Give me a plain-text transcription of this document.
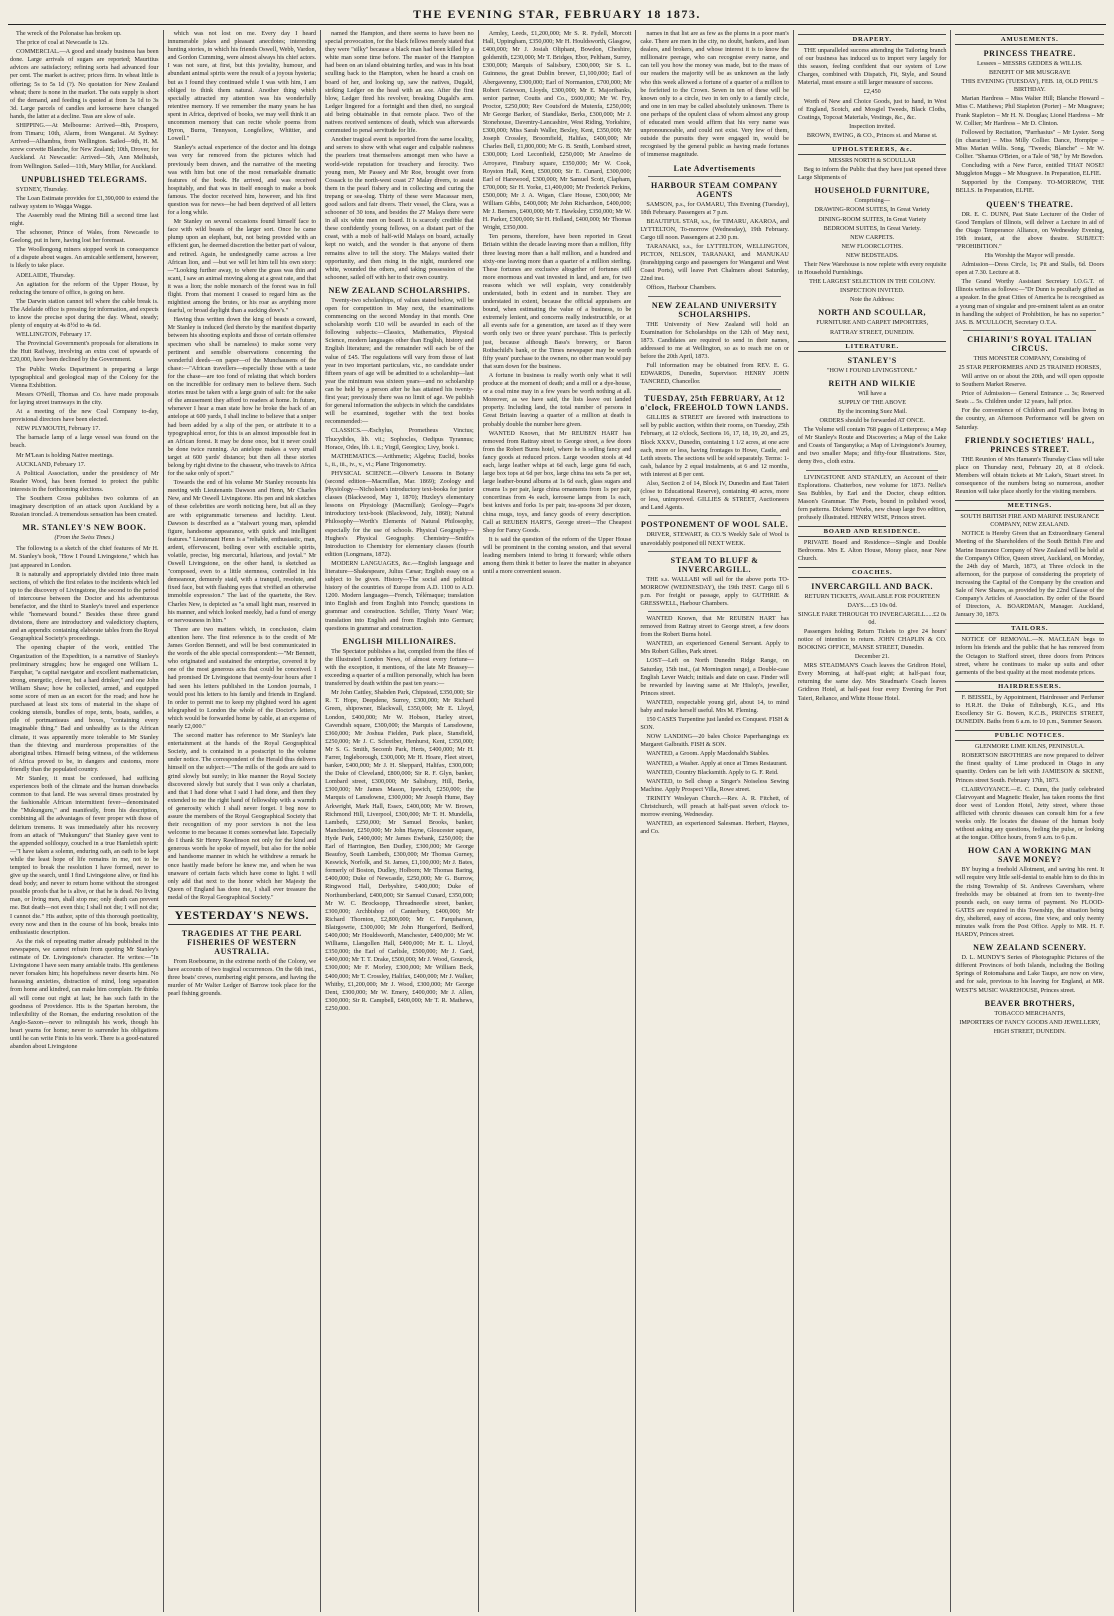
THE EVENING STAR, FEBRUARY 18 1873.

The wreck of the Polonaise has broken up.

The price of coal at Newcastle is 12s.

COMMERCIAL.—A good and steady business has been done. Large arrivals of sugars are reported; Mauritius advices are satisfactory; refining sorts had advanced four per cent. The market is active; prices firm. In wheat little is offering; 5s to 5s 1d (?). No quotation for New Zealand wheat; there is none in the market. The oats supply is short of the demand, and feeding is quoted at from 3s 1d to 3s 3d. Large parcels of candles and kerosene have changed hands, the latter at a decline. Teas are slow of sale.

SHIPPING.—At Melbourne: Arrived—8th, Prospero, from Timaru; 10th, Alarm, from Wanganui. At Sydney: Arrived—Alhambra, from Wellington. Sailed—9th, H. M. screw corvette Blanche, for New Zealand; 10th, Drover, for Auckland. At Newcastle: Arrived—5th, Ann Melhuish, from Wellington. Sailed—11th, Mary Millar, for Auckland.

UNPUBLISHED TELEGRAMS.

SYDNEY, Thursday.

The Loan Estimate provides for £1,390,000 to extend the railway system to Wagga Wagga.

The Assembly read the Mining Bill a second time last night.

The schooner, Prince of Wales, from Newcastle to Geelong, put in here, having lost her foremast.

The Woollongong miners stopped work in consequence of a dispute about wages. An amicable settlement, however, is likely to take place.

ADELAIDE, Thursday.

An agitation for the reform of the Upper House, by reducing the tenure of office, is going on here.

The Darwin station cannot tell where the cable break is. The Adelaide office is pressing for information, and expects to know the precise spot during the day. Wheat, steady; plenty of enquiry at 4s 8½d to 4s 6d.

WELLINGTON, February 17.

The Provincial Government's proposals for alterations in the Hutt Railway, involving an extra cost of upwards of £20,000, have been declined by the Government.

The Public Works Department is preparing a large typographical and geological map of the Colony for the Vienna Exhibition.

Messrs O'Neill, Thomas and Co. have made proposals for laying street tramways in the city.

At a meeting of the new Coal Company to-day, provisional directors have been elected.

NEW PLYMOUTH, February 17.

The barnacle lamp of a large vessel was found on the beach.

Mr M'Lean is holding Native meetings.

AUCKLAND, February 17.

A Political Association, under the presidency of Mr Reader Wood, has been formed to protect the public interests in the forthcoming elections.

The Southern Cross publishes two columns of an imaginary description of an attack upon Auckland by a Russian ironclad. A tremendous sensation has been created.

MR. STANLEY'S NEW BOOK.
(From the Swiss Times.)

The following is a sketch of the chief features of Mr H. M. Stanley's book, "How I Found Livingstone," which has just appeared in London.

It is naturally and appropriately divided into three main sections, of which the first relates to the incidents which led up to the discovery of Livingstone, the second to the period of intercourse between the Doctor and his adventurous benefactor, and the third to Stanley's travel and experience while "homeward bound." Besides these three grand divisions, there are introductory and valedictory chapters, and an appendix containing elaborate tables from the Royal Geographical Society's proceedings.

The opening chapter of the work, entitled The Organization of the Expedition, is a narrative of Stanley's preliminary struggles; how he engaged one William L. Farquhar, "a capital navigator and excellent mathematician, strong, energetic, clever, but a hard drinker," and one John William Shaw; how he collected, armed, and equipped some score of men as an escort for the road; and how he purchased at least six tons of material in the shape of cooking utensils, bundles of rope, tents, boats, saddles, a pile of portmanteaus and boxes, "containing every imaginable thing." Bad and unhealthy as is the African climate, it was apparently more tolerable to Mr Stanley than the thieving and murderous propensities of the aboriginal tribes. Himself being witness, of the wilderness of Africa proved to be, in dangers and customs, more friendly than the populated country.

Mr Stanley, it must be confessed, had sufficing experiences both of the climate and the human drawbacks common to that land. He was several times prostrated by the fashionable African intermittent fever—denominated the "Mukunguru," and manifestly, from his description, combining all the advantages of fever proper with those of delirium tremens. It was immediately after his recovery from an attack of "Mukunguru" that Stanley gave vent to the appended soliloquy, couched in a true Hamletish spirit:—"I have taken a solemn, enduring oath, an oath to be kept while the least hope of life remains in me, not to be tempted to break the resolution I have formed, never to give up the search, until I find Livingstone alive, or find his dead body; and never to return home without the strongest possible proofs that he is alive, or that he is dead. No living man, or living men, shall stop me; only death can prevent me. But death—not even this; I shall not die; I will not die; I cannot die." His author, spite of this thorough poeticality, every now and then in the course of his book, breaks into enthusiastic description.

As the risk of repeating matter already published in the newspapers, we cannot refrain from quoting Mr Stanley's estimate of Dr. Livingstone's character. He writes:—"In Livingstone I have seen many amiable traits. His gentleness never forsakes him; his hopefulness never deserts him. No harassing anxieties, distraction of mind, long separation from home and kindred, can make him complain. He thinks all will come out right at last; he has such faith in the goodness of Providence. His is the Spartan heroism, the inflexibility of the Roman, the enduring resolution of the Anglo-Saxon—never to relinquish his work, though his heart yearns for home; never to surrender his obligations until he can write Finis to his work. There is a good-natured abandon about Livingstone

which was not lost on me. Every day I heard innumerable jokes and pleasant anecdotes; interesting hunting stories, in which his friends Oswell, Webb, Vardon, and Gordon Cumming, were almost always his chief actors. I was not sure, at first, but this joviality, humour, and abundant animal spirits were the result of a joyous hysteria; but as I found they continued while I was with him, I am obliged to think them natural. Another thing which specially attracted my attention was his wonderfully retentive memory. If we remember the many years he has spent in Africa, deprived of books, we may well think it an uncommon memory that can recite whole poems from Byron, Burns, Tennyson, Longfellow, Whittier, and Lowell."

Stanley's actual experience of the doctor and his doings was very far removed from the pictures which had previously been drawn, and the narrative of the meeting was with him but one of the most remarkable dramatic features of the book. He arrived, and was received hospitably, and that was in itself enough to make a book famous. The doctor received him, however, and his first question was for news—he had been deprived of all letters for a long while.

Mr Stanley on several occasions found himself face to face with wild beasts of the larger sort. Once he came plump upon an elephant, but, not being provided with an efficient gun, he deemed discretion the better part of valour, and retired. Again, he undesignedly came across a live African lion, and —but we will let him tell his own story:—"Looking further away, to where the grass was thin and scant, I saw an animal moving along at a great rate, and that it was a lion; the noble monarch of the forest was in full flight. From that moment I ceased to regard him as the mightiest among the brutes, or his roar as anything more fearful, or broad daylight than a sucking dove's."

Having thus written down the king of beasts a coward, Mr Stanley is induced (led thereto by the manifest disparity between his shooting exploits and those of certain offensive specimen who shall be nameless) to make some very pertinent and sensible observations concerning the wonderful deeds—on paper—of the Munchausens of the chase:—"African travellers—especially those with a taste for the chase—are too fond of relating that which borders on the incredible for ordinary men to believe them. Such stories must be taken with a large grain of salt: for the sake of the amusement they afford to readers at home. In future, whenever I hear a man state how he broke the back of an antelope at 600 yards, I shall incline to believe that a sniper had been added by a slip of the pen, or attribute it to a typographical error, for this is an almost impossible feat in an African forest. It may be done once, but it never could be done twice running. An antelope makes a very small target at 600 yards' distance; but then all these stories belong by right divine to the chasseur, who travels to Africa for the sake only of sport."

Towards the end of his volume Mr Stanley recounts his meeting with Lieutenants Dawson and Henn, Mr Charles New, and Mr Oswell Livingstone. His pen and ink sketches of these celebrities are worth noticing here, but all as they are with epigrammatic terseness and lucidity. Lieut. Dawson is described as a "stalwart young man, splendid figure, handsome appearance, with quick and intelligent features." Lieutenant Henn is a "reliable, enthusiastic, man, ardent, effervescent, boiling over with excitable spirits, volatile, precise, big mercurial, hilarious, and jovial." Mr Oswell Livingstone, on the other hand, is sketched as "composed, even to a little sternness, controlled in his demeanour, demurely staid, with a tranquil, resolute, and fixed face, but with flashing eyes that vivified an otherwise immobile expression." The last of the quartette, the Rev. Charles New, is depicted as "a small light man, reserved in his manner, and which looked meekly, had a fund of energy or nervousness in him."

There are two matters which, in conclusion, claim attention here. The first reference is to the credit of Mr James Gordon Bennett, and will be best communicated in the words of the able special correspondent:—"Mr Bennett, who originated and sustained the enterprise, covered it by one of the most generous acts that could be conceived. I had promised Dr Livingstone that twenty-four hours after I had seen his letters published in the London journals, I would post his letters to his family and friends in England. In order to permit me to keep my plighted word his agent telegraphed to London the whole of the Doctor's letters, which would be forwarded home by cable, at an expense of nearly £2,000."

The second matter has reference to Mr Stanley's late entertainment at the hands of the Royal Geographical Society, and is contained in a postscript to the volume under notice. The correspondent of the Herald thus delivers himself on the subject:—"The mills of the gods are said to grind slowly but surely; in like manner the Royal Society discovered slowly but surely that I was only a charlatan, and that I had done what I said I had done, and then they extended to me the right hand of fellowship with a warmth of generosity which I shall never forget. I beg now to assure the members of the Royal Geographical Society that their recognition of my poor services is not the less welcome to me because it comes somewhat late. Especially do I thank Sir Henry Rawlinson not only for the kind and generous words he spoke of myself, but also for the noble and handsome manner in which he withdrew a remark he once hastily made before he knew me, and when he was unaware of certain facts which have come to light. I will only add that next to the honor which her Majesty the Queen of England has done me, I shall ever treasure the medal of the Royal Geographical Society."

YESTERDAY'S NEWS.
TRAGEDIES AT THE PEARL FISHERIES OF WESTERN AUSTRALIA.

From Roebourne, in the extreme north of the Colony, we have accounts of two tragical occurrences. On the 6th inst., three boats' crews, numbering eight persons, and having the murder of Mr Walter Ledger of Barrow took place for the pearl fishing grounds.

named the Hampton, and there seems to have been no special provocation, for the black fellows merely stated that they were "silky" because a black man had been killed by a white man some time before. The master of the Hampton had been on an island obtaining turtles, and was in his boat sculling back to the Hampton, when he heard a crash on board of her, and looking up, saw the natives, Dugald, striking Ledger on the head with an axe. After the first blow, Ledger fired his revolver, breaking Dugald's arm. Ledger lingered for a fortnight and then died, no surgical aid being obtainable in that remote place. Two of the natives received sentences of death, which was afterwards commuted to penal servitude for life.

Another tragical event is reported from the same locality, and serves to show with what eager and culpable rashness the pearlers treat themselves amongst men who have a world-wide reputation for treachery and ferocity. Two young men, Mr Passey and Mr Roe, brought over from Cossack to the north-west coast 27 Malay divers, to assist them in the pearl fishery and in collecting and curing the trepang or sea-slug. Thirty of these were Macassar men, good sailors and fair divers. Their vessel, the Clara, was a schooner of 30 tons, and besides the 27 Malays there were in all six white men on board. It is scarcely credible that these confidently young fellows, on a distant part of the coast, with a mob of half-wild Malays on board, actually kept no watch, and the wonder is that anyone of them remains alive to tell the story. The Malays waited their opportunity, and then rising in the night, murdered one white, wounded the others, and taking possession of the schooner, sailed off with her to their own country.

NEW ZEALAND SCHOLARSHIPS.

Twenty-two scholarships, of values stated below, will be open for competition in May next, the examinations commencing on the second Monday in that month. One scholarship worth £10 will be awarded in each of the following subjects:—Classics, Mathematics, Physical Science, modern languages other than English, history and English literature; and the remainder will each be of the value of £45. The regulations will vary from those of last year in two important particulars, viz., no candidate under fifteen years of age will be admitted to a scholarship—last year the minimum was sixteen years—and no scholarship can be held by a person after he has attained his twenty-first year; previously there was no limit of age. We publish for general information the subjects in which the candidates will be examined, together with the text books recommended:—

CLASSICS.—Æschylus, Prometheus Vinctus; Thucydides, lib. vii.; Sophocles, Oedipus Tyrannus; Horace, Odes, lib. i. ii.; Virgil, Georgics; Livy, book i.

MATHEMATICS.—Arithmetic; Algebra; Euclid, books i., ii., iii., iv., v., vi.; Plane Trigonometry.

PHYSICAL SCIENCE.—Oliver's Lessons in Botany (second edition—Macmillan, Mar. 1869); Zoology and Physiology—Nicholson's introductory text-books for junior classes (Blackwood, May 1, 1870); Huxley's elementary lessons on Physiology (Macmillan); Geology—Page's introductory text-book (Blackwood, July, 1868); Natural Philosophy—Worth's Elements of Natural Philosophy, especially for the use of schools. Physical Geography—Hughes's Physical Geography. Chemistry—Smith's Introduction to Chemistry for elementary classes (fourth edition (Longmans, 1872).

MODERN LANGUAGES, &c.—English language and literature—Shakespeare, Julius Cæsar; English essay on a subject to be given. History—The social and political history of the countries of Europe from A.D. 1100 to A.D. 1200. Modern languages—French, Télémaque; translation into English and from English into French; questions in grammar and construction. Schiller, Thirty Years' War; translation into English and from English into German; questions in grammar and construction.

ENGLISH MILLIONAIRES.

The Spectator publishes a list, compiled from the files of the Illustrated London News, of almost every fortune—with the exception, it mentions, of the late Mr Brassey—exceeding a quarter of a million personally, which has been transferred by death within the past ten years:—

Mr John Cattley, Shabden Park, Chipstead, £350,000; Sir R. T. Hope, Deepdene, Surrey, £300,000; Mr Richard Green, shipowner, Blackwall, £350,000; Mr E. Lloyd, London, £400,000; Mr W. Hobson, Harley street, Cavendish square, £300,000; the Marquis of Lansdowne, £360,000; Mr Joshua Fielden, Park place, Stansfield, £250,000; Mr J. C. Schreiber, Henhurst, Kent, £350,000; Mr S. G. Smith, Secomb Park, Herts, £400,000; Mr H. Farrer, Ingleborough, £300,000; Mr H. Hoare, Fleet street, banker, £400,000; Mr J. H. Sheppard, Halifax, £300,000; the Duke of Cleveland, £800,000; Sir R. F. Glyn, banker, Lombard street, £300,000; Mr Salisbury, Hill, Berks, £300,000; Mr James Mason, Ipswich, £250,000; the Marquis of Lansdowne, £300,000; Mr Joseph Hume, Bay Arkwright, Mark Hall, Essex, £400,000; Mr W. Brown, Richmond Hill, Liverpool, £300,000; Mr T. H. Mundella, Lambeth, £250,000; Mr Samuel Brooks, banker, Manchester, £250,000; Mr John Hayne, Gloucester square, Hyde Park, £400,000; Mr James Ewbank, £250,000; the Earl of Harrington, Ben Dudley, £300,000; Mr George Beaufoy, South Lambeth, £300,000; Mr Thomas Gurney, Keswick, Norfolk, and St. James, £1,100,000; Mr J. Bates, formerly of Boston, Dudley, Holborn; Mr Thomas Baring, £400,000; Duke of Newcastle, £250,000; Mr G. Burrow, Ringwood Hall, Derbyshire, £400,000; Duke of Northumberland, £400,000; Sir Samuel Cunard, £350,000; Mr W. C. Brocksopp, Threadneedle street, banker, £300,000; Archbishop of Canterbury, £400,000; Mr Richard Thornton, £2,800,000; Mr C. Farquharson, Blairgowrie, £300,000; Mr John Hungerford, Bedford, £400,000; Mr Houldsworth, Manchester, £400,000; Mr W. Williams, Llangollen Hall, £400,000; Mr E. L. Lloyd, £350,000; the Earl of Carlisle, £500,000; Mr J. Gard, £400,000; Mr T. T. Drake, £500,000; Mr J. Wood, Gourock, £300,000; Mr F. Morley, £300,000; Mr William Beck, £400,000; Mr T. Crossley, Halifax, £400,000; Mr J. Walker, Whitby, £1,200,000; Mr J. Wood, £300,000; Mr George Dent, £300,000; Mr W. Emery, £400,000; Mr J. Allen, £300,000; Sir R. Campbell, £400,000; Mr T. R. Mathews, £250,000.

Armley, Leeds, £1,200,000; Mr S. R. Fydell, Morcott Hall, Uppingham, £350,000; Mr H. Houldsworth, Glasgow, £400,000; Mr J. Josiah Oliphant, Bowdon, Cheshire, goldsmith, £230,000; Mr T. Bridges, Ebor, Peltham, Surrey, £300,000; Marquis of Salisbury, £300,000; Sir S. L. Guinness, the great Dublin brewer, £1,100,000; Earl of Abergavenny, £300,000; Earl of Normanton, £700,000; Mr Robert Grievson, Lloyds, £300,000; Mr E. Majoribanks, senior partner, Coutts and Co., £600,000; Mr W. Fry, Proctor, £250,000; Rev Coutsford de Mutenfa, £250,000; Mr George Barker, of Standlake, Berks, £300,000; Mr J. Stonehouse, Daventry-Lancashire, West Riding, Yorkshire, £300,000; Miss Sarah Waller, Bexley, Kent, £350,000; Mr Joseph Crossley, Broomfield, Halifax, £400,000; Mr Charles Bell, £1,800,000; Mr G. B. Smith, Lombard street, £300,000; Lord Leconfield, £250,000; Mr Anselmo de Arroyave, Finsbury square, £350,000; Mr W. Cook, Royston Hall, Kent, £500,000; Sir E. Cunard, £300,000; Earl of Harewood, £300,000; Mr Samuel Scott, Clapham, £700,000; Sir H. Yorke, £1,400,000; Mr Frederick Perkins, £500,000; Mr J. A. Wigan, Clare House, £300,000; Mr William Gibbs, £400,000; Mr John Richardson, £400,000; Mr J. Berners, £400,000; Mr T. Hawksley, £350,000; Mr W. H. Parker, £300,000; Sir H. Holland, £400,000; Mr Thomas Wright, £350,000.

Ten persons, therefore, have been reported in Great Britain within the decade leaving more than a million, fifty three leaving more than a half million, and a hundred and sixty-one leaving more than a quarter of a million sterling. These fortunes are exclusive altogether of fortunes still more enormous and vast invested in land, and are, for two reasons which we will explain, very considerably understated, both in extent and in number. They are understated in extent, because the official appraisers are bound, when estimating the value of a business, to be extremely lenient, and concerns really indestructible, or at all events safe for a generation, are taxed as if they were worth only two or three years' purchase. This is perfectly just, because although Bass's brewery, or Baron Rothschild's bank, or the Times newspaper may be worth fifty years' purchase to the owners, no other man would pay that sum down for the business.

A fortune in business is really worth only what it will produce at the moment of death; and a mill or a dye-house, or a coal mine may in a few years be worth nothing at all. Moreover, as we have said, the lists leave out landed property. Including land, the total number of persons in Great Britain leaving a quarter of a million at death is probably double the number here given.

WANTED Known, that Mr REUBEN HART has removed from Rattray street to George street, a few doors from the Robert Burns hotel, where he is selling fancy and fancy goods at reduced prices. Large wooden stools at 4d each, large leather whips at 6d each, large guns 6d each, large box tops at 6d per box, large china tea sets 5s per set, large leather-bound albums at 1s 6d each, glass sugars and creams 1s per pair, large china ornaments from 1s per pair, concertinas from 4s each, kerosene lamps from 1s each, best knives and forks 1s per pair, tea-spoons 3d per dozen, china mugs, toys, and fancy goods of every description. Call at REUBEN HART'S, George street—The Cheapest Shop for Fancy Goods.

It is said the question of the reform of the Upper House will be prominent in the coming session, and that several leading members intend to bring it forward; while others among them think it better to leave the matter in abeyance until a more convenient season.

names in that list are as few as the plums in a poor man's cake. There are men in the city, no doubt, bankers, and loan dealers, and brokers, and whose interest it is to know the millionaire peerage, who can recognise every name, and can tell you how the money was made, but to the mass of our readers the majority will be as unknown as the lady who this week allowed a fortune of a quarter of a million to be forfeited to the Crown. Seven in ten of these will be known only to a circle, two in ten only to a family circle, and one in ten may be called absolutely unknown. There is one perhaps of the opulent class of whom almost any group of educated men would affirm that his very name was unpronounceable, and could not exist. Very few of them, outside the pursuits they were engaged in, would be recognised by the general public as having made fortunes of immense magnitude.

Late Advertisements
HARBOUR STEAM COMPANY AGENTS

SAMSON, p.s., for OAMARU, This Evening (Tuesday), 18th February. Passengers at 7 p.m.

BEAUTIFUL STAR, s.s., for TIMARU, AKAROA, and LYTTELTON, To-morrow (Wednesday), 19th February. Cargo till noon. Passengers at 2.30 p.m.

TARANAKI, s.s., for LYTTELTON, WELLINGTON, PICTON, NELSON, TARANAKI, and MANUKAU (transhipping cargo and passengers for Wanganui and West Coast Ports), will leave Port Chalmers about Saturday, 22nd inst.

Offices, Harbour Chambers.

NEW ZEALAND UNIVERSITY SCHOLARSHIPS.

THE University of New Zealand will hold an Examination for Scholarships on the 12th of May next, 1873. Candidates are required to send in their names, addressed to me at Wellington, so as to reach me on or before the 20th April, 1873.

Full information may be obtained from REV. E. G. EDWARDS, Dunedin, Supervisor. HENRY JOHN TANCRED, Chancellor.

TUESDAY, 25th FEBRUARY, At 12 o'clock, FREEHOLD TOWN LANDS.

GILLIES & STREET are favored with instructions to sell by public auction, within their rooms, on Tuesday, 25th February, at 12 o'clock, Sections 16, 17, 18, 19, 20, and 25, Block XXXV., Dunedin, containing 1 1/2 acres, at one acre each, more or less, having frontages to Howe, Castle, and Leith streets. The sections will be sold separately. Terms: 1-cash, balance by 2 equal instalments, at 6 and 12 months, with interest at 8 per cent.

Also, Section 2 of 14, Block IV, Dunedin and East Taieri (close to Educational Reserve), containing 40 acres, more or less, unimproved. GILLIES & STREET, Auctioneers and Land Agents.

POSTPONEMENT OF WOOL SALE.

DRIVER, STEWART, & CO.'S Weekly Sale of Wool is unavoidably postponed till NEXT WEEK.

STEAM TO BLUFF & INVERCARGILL.

THE s.s. WALLABI will sail for the above ports TO-MORROW (WEDNESDAY), the 19th INST. Cargo till 6 p.m. For freight or passage, apply to GUTHRIE & GRESSWELL, Harbour Chambers.

WANTED Known, that Mr REUBEN HART has removed from Rattray street to George street, a few doors from the Robert Burns hotel.

WANTED, an experienced General Servant. Apply to Mrs Robert Gillies, Park street.

LOST—Left on North Dunedin Ridge Range, on Saturday, 15th inst., (at Mornington range), a Double-case English Lever Watch; initials and date on case. Finder will be rewarded by leaving same at Mr Hislop's, jeweller, Princes street.

WANTED, respectable young girl, about 14, to mind baby and make herself useful. Mrs M. Fleming.

150 CASES Turpentine just landed ex Conquest. FISH & SON.

NOW LANDING—20 bales Choice Paperhangings ex Margaret Galbraith. FISH & SON.

WANTED, a Groom. Apply Macdonald's Stables.

WANTED, a Washer. Apply at once at Times Restaurant.

WANTED, Country Blacksmith. Apply to G. F. Reid.

WANTED, to Sell cheap a Singer's Noiseless Sewing Machine. Apply Prospect Villa, Rowe street.

TRINITY Wesleyan Church.—Rev. A. R. Fitchett, of Christchurch, will preach at half-past seven o'clock to-morrow evening, Wednesday.

WANTED, an experienced Salesman. Herbert, Haynes, and Co.

DRAPERY.

THE unparalleled success attending the Tailoring branch of our business has induced us to import very largely for this season, feeling confident that our system of Low Charges, combined with Dispatch, Fit, Style, and Sound Material, must ensure a still larger measure of success.

£2,450

Worth of New and Choice Goods, just to hand, in West of England, Scotch, and Mosgiel Tweeds, Black Cloths, Coatings, Topcoat Materials, Vestings, &c., &c.

Inspection invited.

BROWN, EWING, & CO., Princes st. and Manse st.

UPHOLSTERERS, &c.

MESSRS NORTH & SCOULLAR

Beg to inform the Public that they have just opened three Large Shipments of

HOUSEHOLD FURNITURE,

Comprising—

DRAWING-ROOM SUITES, In Great Variety

DINING-ROOM SUITES, In Great Variety

BEDROOM SUITES, In Great Variety.

NEW CARPETS.

NEW FLOORCLOTHS.

NEW BEDSTEADS.

Their New Warehouse is now replete with every requisite in Household Furnishings.

THE LARGEST SELECTION IN THE COLONY.

INSPECTION INVITED.

Note the Address:

NORTH AND SCOULLAR,

FURNITURE AND CARPET IMPORTERS,

RATTRAY STREET, DUNEDIN.

LITERATURE.
STANLEY'S

"HOW I FOUND LIVINGSTONE."

REITH AND WILKIE

Will have a

SUPPLY OF THE ABOVE

By the incoming Suez Mail.

ORDERS should be forwarded AT ONCE.

The Volume will contain 768 pages of Letterpress; a Map of Mr Stanley's Route and Discoveries; a Map of the Lake and Coasts of Tanganyika; a Map of Livingstone's Journey, and two smaller Maps; and fifty-four Illustrations. Size, demy 8vo., cloth extra.

LIVINGSTONE AND STANLEY, an Account of their Explorations. Chatterbox, new volume for 1873. Nellie's Sea Bubbles, by Earl and the Doctor, cheap edition. Mason's Grammar. The Poets, bound in polished wood, fern patterns. Dickens' Works, new cheap large 8vo edition, profusely illustrated. HENRY WISE, Princes street.

BOARD AND RESIDENCE.

PRIVATE Board and Residence—Single and Double Bedrooms. Mrs E. Alton House, Moray place, near New Church.

COACHES.
INVERCARGILL AND BACK.

RETURN TICKETS, AVAILABLE FOR FOURTEEN DAYS.....£3 10s 0d.

SINGLE FARE THROUGH TO INVERCARGILL.....£2 0s 0d.

Passengers holding Return Tickets to give 24 hours' notice of intention to return. JOHN CHAPLIN & CO. BOOKING OFFICE, MANSE STREET, Dunedin.

December 21.

MRS STEADMAN'S Coach leaves the Gridiron Hotel, Every Morning, at half-past eight; at half-past four, returning the same day. Mrs Steadman's Coach leaves Gridiron Hotel, at half-past four every Evening for Port Taieri, Reliance, and White House Hotel.

AMUSEMENTS.
PRINCESS THEATRE.

Lessees – MESSRS GEDDES & WILLIS.

BENEFIT OF MR MUSGRAVE

THIS EVENING (TUESDAY), FEB. 18, OLD PHIL'S BIRTHDAY.

Marian Hardress – Miss Walter Hill; Blanche Howard – Miss C. Matthews; Phil Stapleton (Porter) – Mr Musgrave; Frank Stapleton – Mr H. N. Douglas; Lionel Hardress – Mr W. Collier; Mr Hardress – Mr D. Clinton.

Followed by Recitation, "Parrhasius" – Mr Lyster. Song (in character) – Miss Milly Collier. Dance, Hornpipe – Miss Marian Willis. Song, "Tweeds; Blanche" – Mr W. Collier. "Shamus O'Brien, or a Tale of '98," by Mr Bowdon.

Concluding with a New Farce, entitled THAT NOSE! Muggleton Muggs – Mr Musgrave. In Preparation, ELFIE.

Supported by the Company. TO-MORROW, THE BELLS. In Preparation, ELFIE.

QUEEN'S THEATRE.

DR. E. C. DUNN, Past State Lecturer of the Order of Good Templars of Illinois, will deliver a Lecture in aid of the Otago Temperance Alliance, on Wednesday Evening, 19th instant, at the above theatre. SUBJECT: "PROHIBITION."

His Worship the Mayor will preside.

Admission—Dress Circle, 1s; Pit and Stalls, 6d. Doors open at 7.30. Lecture at 8.

The Grand Worthy Assistant Secretary I.O.G.T. of Illinois writes as follows:—"Dr Dunn is peculiarly gifted as a speaker. In the great Cities of America he is recognised as a young man of singular and pre-eminent talent as an orator in handling the subject of Prohibition, he has no superior." JAS. B. M'CULLOCH, Secretary O.T.A.

CHIARINI'S ROYAL ITALIAN CIRCUS.

THIS MONSTER COMPANY, Consisting of

25 STAR PERFORMERS AND 25 TRAINED HORSES,

Will arrive on or about the 20th, and will open opposite to Southern Market Reserve.

Price of Admission— General Entrance ... 3s; Reserved Seats ... 5s. Children under 12 years, half price.

For the convenience of Children and Families living in the country, an Afternoon Performance will be given on Saturday.

FRIENDLY SOCIETIES' HALL, PRINCES STREET.

THE Reunion of Mrs Hamann's Thursday Class will take place on Thursday next, February 20, at 8 o'clock. Members will obtain tickets at Mr Lake's, Stuart street. In consequence of the numbers being so numerous, another Reunion will take place shortly for the visiting members.

MEETINGS.

SOUTH BRITISH FIRE AND MARINE INSURANCE COMPANY, NEW ZEALAND.

NOTICE is Hereby Given that an Extraordinary General Meeting of the Shareholders of the South British Fire and Marine Insurance Company of New Zealand will be held at the Company's Office, Queen street, Auckland, on Monday, the 24th day of March, 1873, at Three o'clock in the afternoon, for the purpose of considering the propriety of increasing the Capital of the Company by the creation and Sale of New Shares, as provided by the 22nd Clause of the Company's Articles of Association. By order of the Board of Directors, A. BOARDMAN, Manager. Auckland, January 30, 1873.

TAILORS.

NOTICE OF REMOVAL.—N. MACLEAN begs to inform his friends and the public that he has removed from the Octagon to Stafford street, three doors from Princes street, where he continues to make up suits and other garments of the best quality at the most moderate prices.

HAIRDRESSERS.

F. BEISSEL, by Appointment, Hairdresser and Perfumer to H.R.H. the Duke of Edinburgh, K.G., and His Excellency Sir G. Bowen, K.C.B., PRINCES STREET, DUNEDIN. Baths from 6 a.m. to 10 p.m., Summer Season.

PUBLIC NOTICES.

GLENMORE LIME KILNS, PENINSULA.

ROBERTSON BROTHERS are now prepared to deliver the finest quality of Lime produced in Otago in any quantity. Orders can be left with JAMIESON & SKENE, Princes street South. February 17th, 1873.

CLAIRVOYANCE.—E. C. Dunn, the justly celebrated Clairvoyant and Magnetic Healer, has taken rooms the first door west of London Hotel, Jetty street, where those afflicted with chronic diseases can consult him for a few weeks only. He locates the disease of the human body without asking any questions, feeling the pulse, or looking at the tongue. Office hours, from 9 a.m. to 6 p.m.

HOW CAN A WORKING MAN SAVE MONEY?

BY buying a freehold Allotment, and saving his rent. It will require very little self-denial to enable him to do this in the rising Township of St. Andrews Caversham, where freeholds may be obtained at from ten to twenty-five pounds each, on easy terms of payment. No FLOOD-GATES are required in this Township, the situation being dry, sheltered, easy of access, fine view, and only twenty minutes walk from the Post Office. Apply to MR. H. F. HARDY, Princes street.

NEW ZEALAND SCENERY.

D. L. MUNDY'S Series of Photographic Pictures of the different Provinces of both Islands, including the Boiling Springs of Rotomahana and Lake Taupo, are now on view, and for sale, previous to his leaving for England, at MR. WEST'S MUSIC WAREHOUSE, Princes street.

BEAVER BROTHERS,

TOBACCO MERCHANTS,

IMPORTERS OF FANCY GOODS AND JEWELLERY,

HIGH STREET, DUNEDIN.
